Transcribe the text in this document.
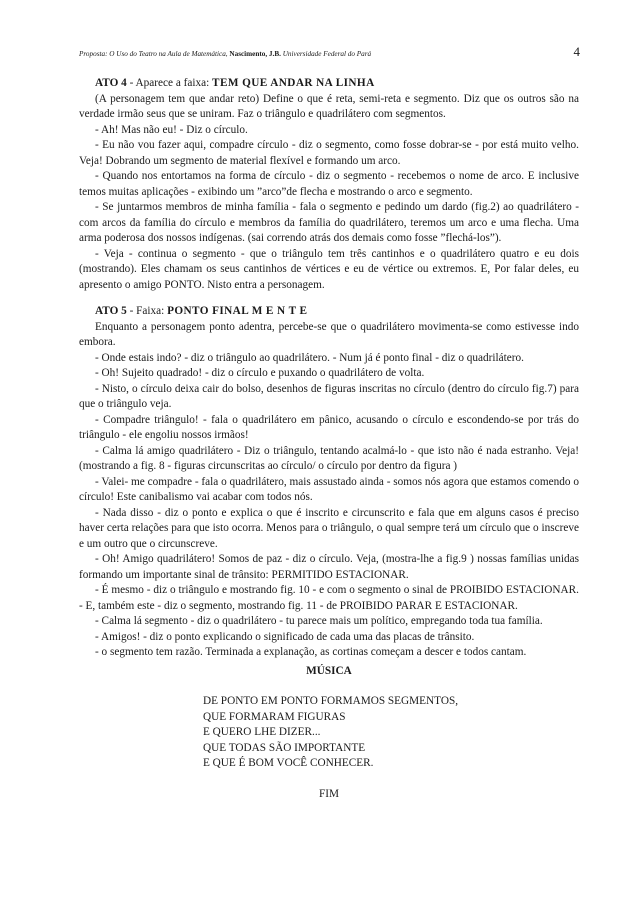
Proposta: O Uso do Teatro na Aula de Matemática, Nascimento, J.B. Universidade Federal do Pará	4

ATO 4 - Aparece a faixa: TEM QUE ANDAR NA LINHA

(A personagem tem que andar reto) Define o que é reta, semi-reta e segmento. Diz que os outros são na verdade irmão seus que se uniram. Faz o triângulo e quadrilátero com segmentos.

- Ah! Mas não eu! - Diz o círculo.

- Eu não vou fazer aqui, compadre círculo - diz o segmento, como fosse dobrar-se - por está muito velho. Veja! Dobrando um segmento de material flexível e formando um arco.

- Quando nos entortamos na forma de círculo - diz o segmento - recebemos o nome de arco. E inclusive temos muitas aplicações - exibindo um ”arco”de flecha e mostrando o arco e segmento.

- Se juntarmos membros de minha família - fala o segmento e pedindo um dardo (fig.2) ao quadrilátero - com arcos da família do círculo e membros da família do quadrilátero, teremos um arco e uma flecha. Uma arma poderosa dos nossos indígenas. (sai correndo atrás dos demais como fosse ”flechá-los”).

- Veja - continua o segmento - que o triângulo tem três cantinhos e o quadrilátero quatro e eu dois (mostrando). Eles chamam os seus cantinhos de vértices e eu de vértice ou extremos. E, Por falar deles, eu apresento o amigo PONTO. Nisto entra a personagem.

ATO 5 - Faixa: PONTO FINAL M E N T E

Enquanto a personagem ponto adentra, percebe-se que o quadrilátero movimenta-se como estivesse indo embora.

- Onde estais indo? - diz o triângulo ao quadrilátero. - Num já é ponto final - diz o quadrilátero.

- Oh! Sujeito quadrado! - diz o círculo e puxando o quadrilátero de volta.

- Nisto, o círculo deixa cair do bolso, desenhos de figuras inscritas no círculo (dentro do círculo fig.7) para que o triângulo veja.

- Compadre triângulo! - fala o quadrilátero em pânico, acusando o círculo e escondendo-se por trás do triângulo - ele engoliu nossos irmãos!

- Calma lá amigo quadrilátero - Diz o triângulo, tentando acalmá-lo - que isto não é nada estranho. Veja! (mostrando a fig. 8 - figuras circunscritas ao círculo/ o círculo por dentro da figura )

- Valei- me compadre - fala o quadrilátero, mais assustado ainda - somos nós agora que estamos comendo o círculo! Este canibalismo vai acabar com todos nós.

- Nada disso - diz o ponto e explica o que é inscrito e circunscrito e fala que em alguns casos é preciso haver certa relações para que isto ocorra. Menos para o triângulo, o qual sempre terá um círculo que o inscreve e um outro que o circunscreve.

- Oh! Amigo quadrilátero! Somos de paz - diz o círculo. Veja, (mostra-lhe a fig.9 ) nossas famílias unidas formando um importante sinal de trânsito: PERMITIDO ESTACIONAR.

- É mesmo - diz o triângulo e mostrando fig. 10 - e com o segmento o sinal de PROIBIDO ESTACIONAR. - E, também este - diz o segmento, mostrando fig. 11 - de PROIBIDO PARAR E ESTACIONAR.

- Calma lá segmento - diz o quadrilátero - tu parece mais um político, empregando toda tua família.

- Amigos! - diz o ponto explicando o significado de cada uma das placas de trânsito.

- o segmento tem razão. Terminada a explanação, as cortinas começam a descer e todos cantam.

MÚSICA
DE PONTO EM PONTO FORMAMOS SEGMENTOS,
QUE FORMARAM FIGURAS
E QUERO LHE DIZER...
QUE TODAS SÃO IMPORTANTE
E QUE É BOM VOCÊ CONHECER.
FIM
